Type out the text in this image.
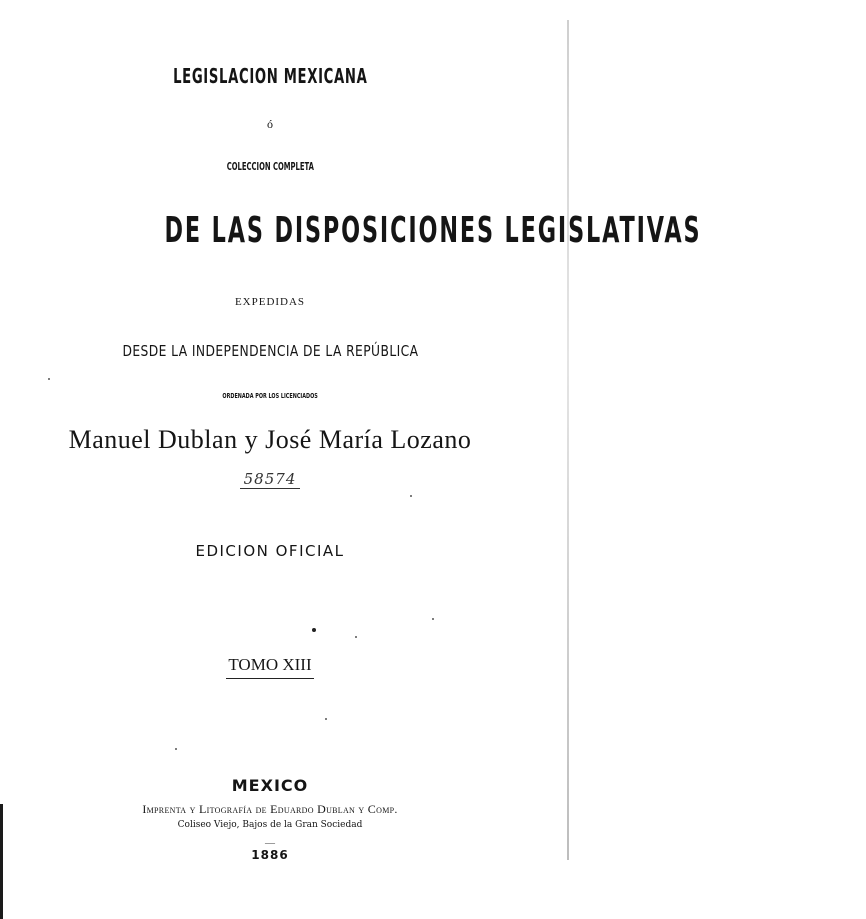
LEGISLACION MEXICANA
ó
COLECCION COMPLETA
DE LAS DISPOSICIONES LEGISLATIVAS
EXPEDIDAS
DESDE LA INDEPENDENCIA DE LA REPÚBLICA
ORDENADA POR LOS LICENCIADOS
Manuel Dublan y José María Lozano
58574
EDICION OFICIAL
TOMO XIII
MEXICO
Imprenta y Litografía de Eduardo Dublan y Comp.
Coliseo Viejo, Bajos de la Gran Sociedad
—
1886
